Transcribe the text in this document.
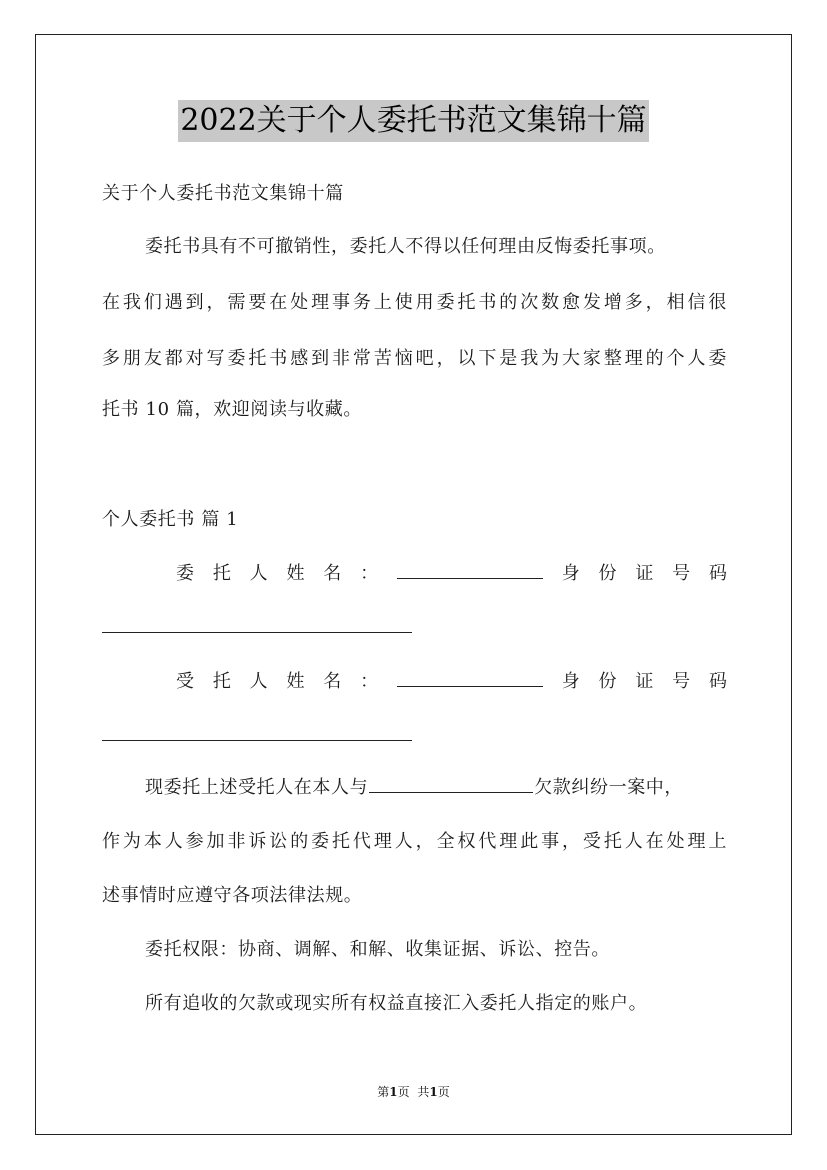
2022关于个人委托书范文集锦十篇
关于个人委托书范文集锦十篇
委托书具有不可撤销性，委托人不得以任何理由反悔委托事项。
在我们遇到，需要在处理事务上使用委托书的次数愈发增多，相信很
多朋友都对写委托书感到非常苦恼吧，以下是我为大家整理的个人委
托书 10 篇，欢迎阅读与收藏。
个人委托书 篇 1
委 托 人 姓 名 ：	身 份 证 号 码
受 托 人 姓 名 ：	身 份 证 号 码
现委托上述受托人在本人与	欠款纠纷一案中，
作为本人参加非诉讼的委托代理人，全权代理此事，受托人在处理上
述事情时应遵守各项法律法规。
委托权限：协商、调解、和解、收集证据、诉讼、控告。
所有追收的欠款或现实所有权益直接汇入委托人指定的账户。
第1页 共1页
